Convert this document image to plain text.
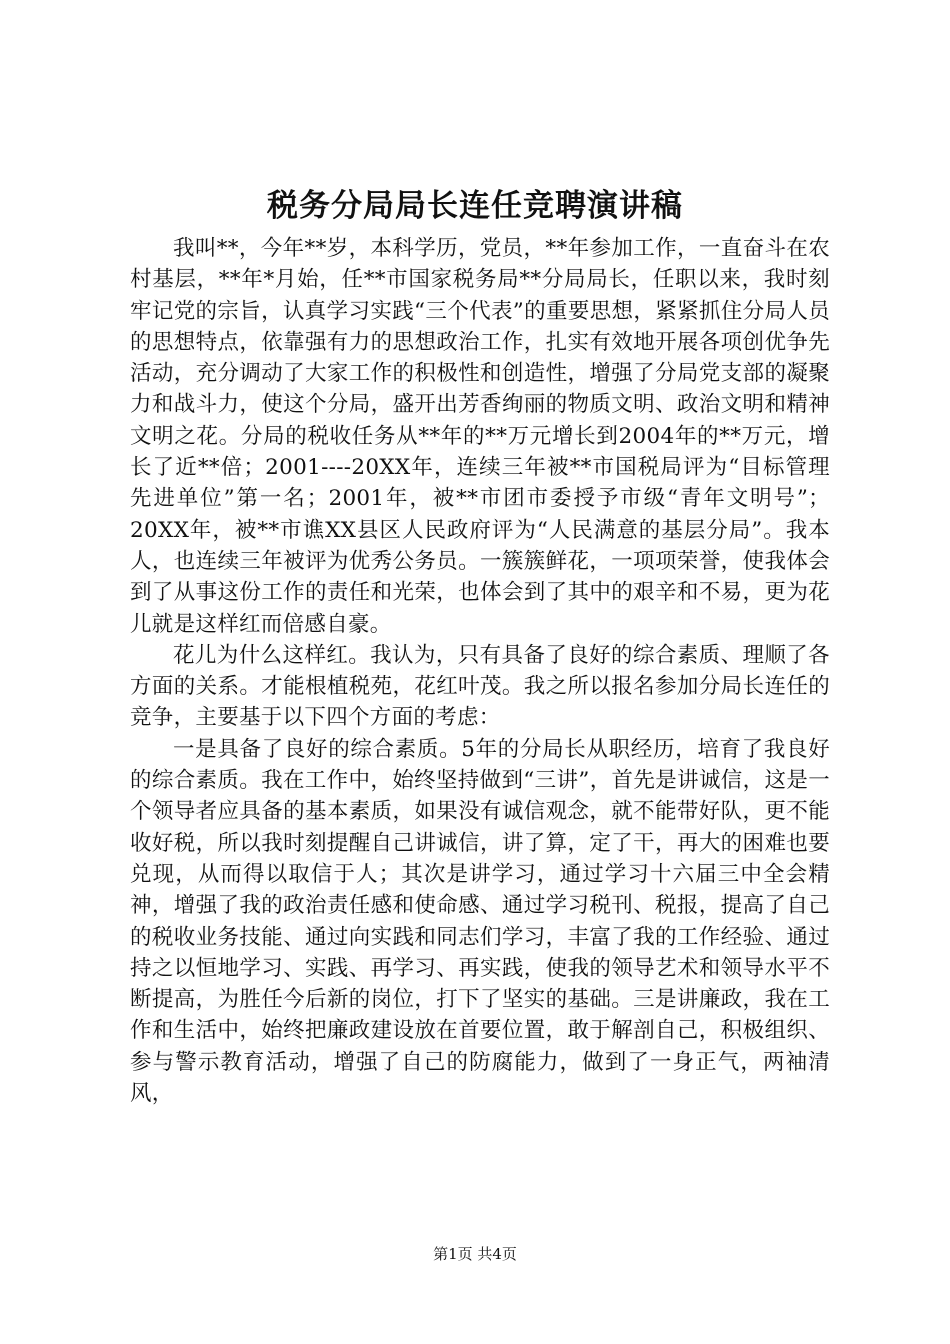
税务分局局长连任竞聘演讲稿

我叫**，今年**岁，本科学历，党员，**年参加工作，一直奋斗在农村基层，**年*月始，任**市国家税务局**分局局长，任职以来，我时刻牢记党的宗旨，认真学习实践“三个代表”的重要思想，紧紧抓住分局人员的思想特点，依靠强有力的思想政治工作，扎实有效地开展各项创优争先活动，充分调动了大家工作的积极性和创造性，增强了分局党支部的凝聚力和战斗力，使这个分局，盛开出芳香绚丽的物质文明、政治文明和精神文明之花。分局的税收任务从**年的**万元增长到2004年的**万元，增长了近**倍；2001----20XX年，连续三年被**市国税局评为“目标管理先进单位”第一名；2001年，被**市团市委授予市级“青年文明号”；20XX年，被**市谯XX县区人民政府评为“人民满意的基层分局”。我本人，也连续三年被评为优秀公务员。一簇簇鲜花，一项项荣誉，使我体会到了从事这份工作的责任和光荣，也体会到了其中的艰辛和不易，更为花儿就是这样红而倍感自豪。

花儿为什么这样红。我认为，只有具备了良好的综合素质、理顺了各方面的关系。才能根植税苑，花红叶茂。我之所以报名参加分局长连任的竞争，主要基于以下四个方面的考虑：

一是具备了良好的综合素质。5年的分局长从职经历，培育了我良好的综合素质。我在工作中，始终坚持做到“三讲”，首先是讲诚信，这是一个领导者应具备的基本素质，如果没有诚信观念，就不能带好队，更不能收好税，所以我时刻提醒自己讲诚信，讲了算，定了干，再大的困难也要兑现，从而得以取信于人；其次是讲学习，通过学习十六届三中全会精神，增强了我的政治责任感和使命感、通过学习税刊、税报，提高了自己的税收业务技能、通过向实践和同志们学习，丰富了我的工作经验、通过持之以恒地学习、实践、再学习、再实践，使我的领导艺术和领导水平不断提高，为胜任今后新的岗位，打下了坚实的基础。三是讲廉政，我在工作和生活中，始终把廉政建设放在首要位置，敢于解剖自己，积极组织、参与警示教育活动，增强了自己的防腐能力，做到了一身正气，两袖清风，

第1页 共4页
